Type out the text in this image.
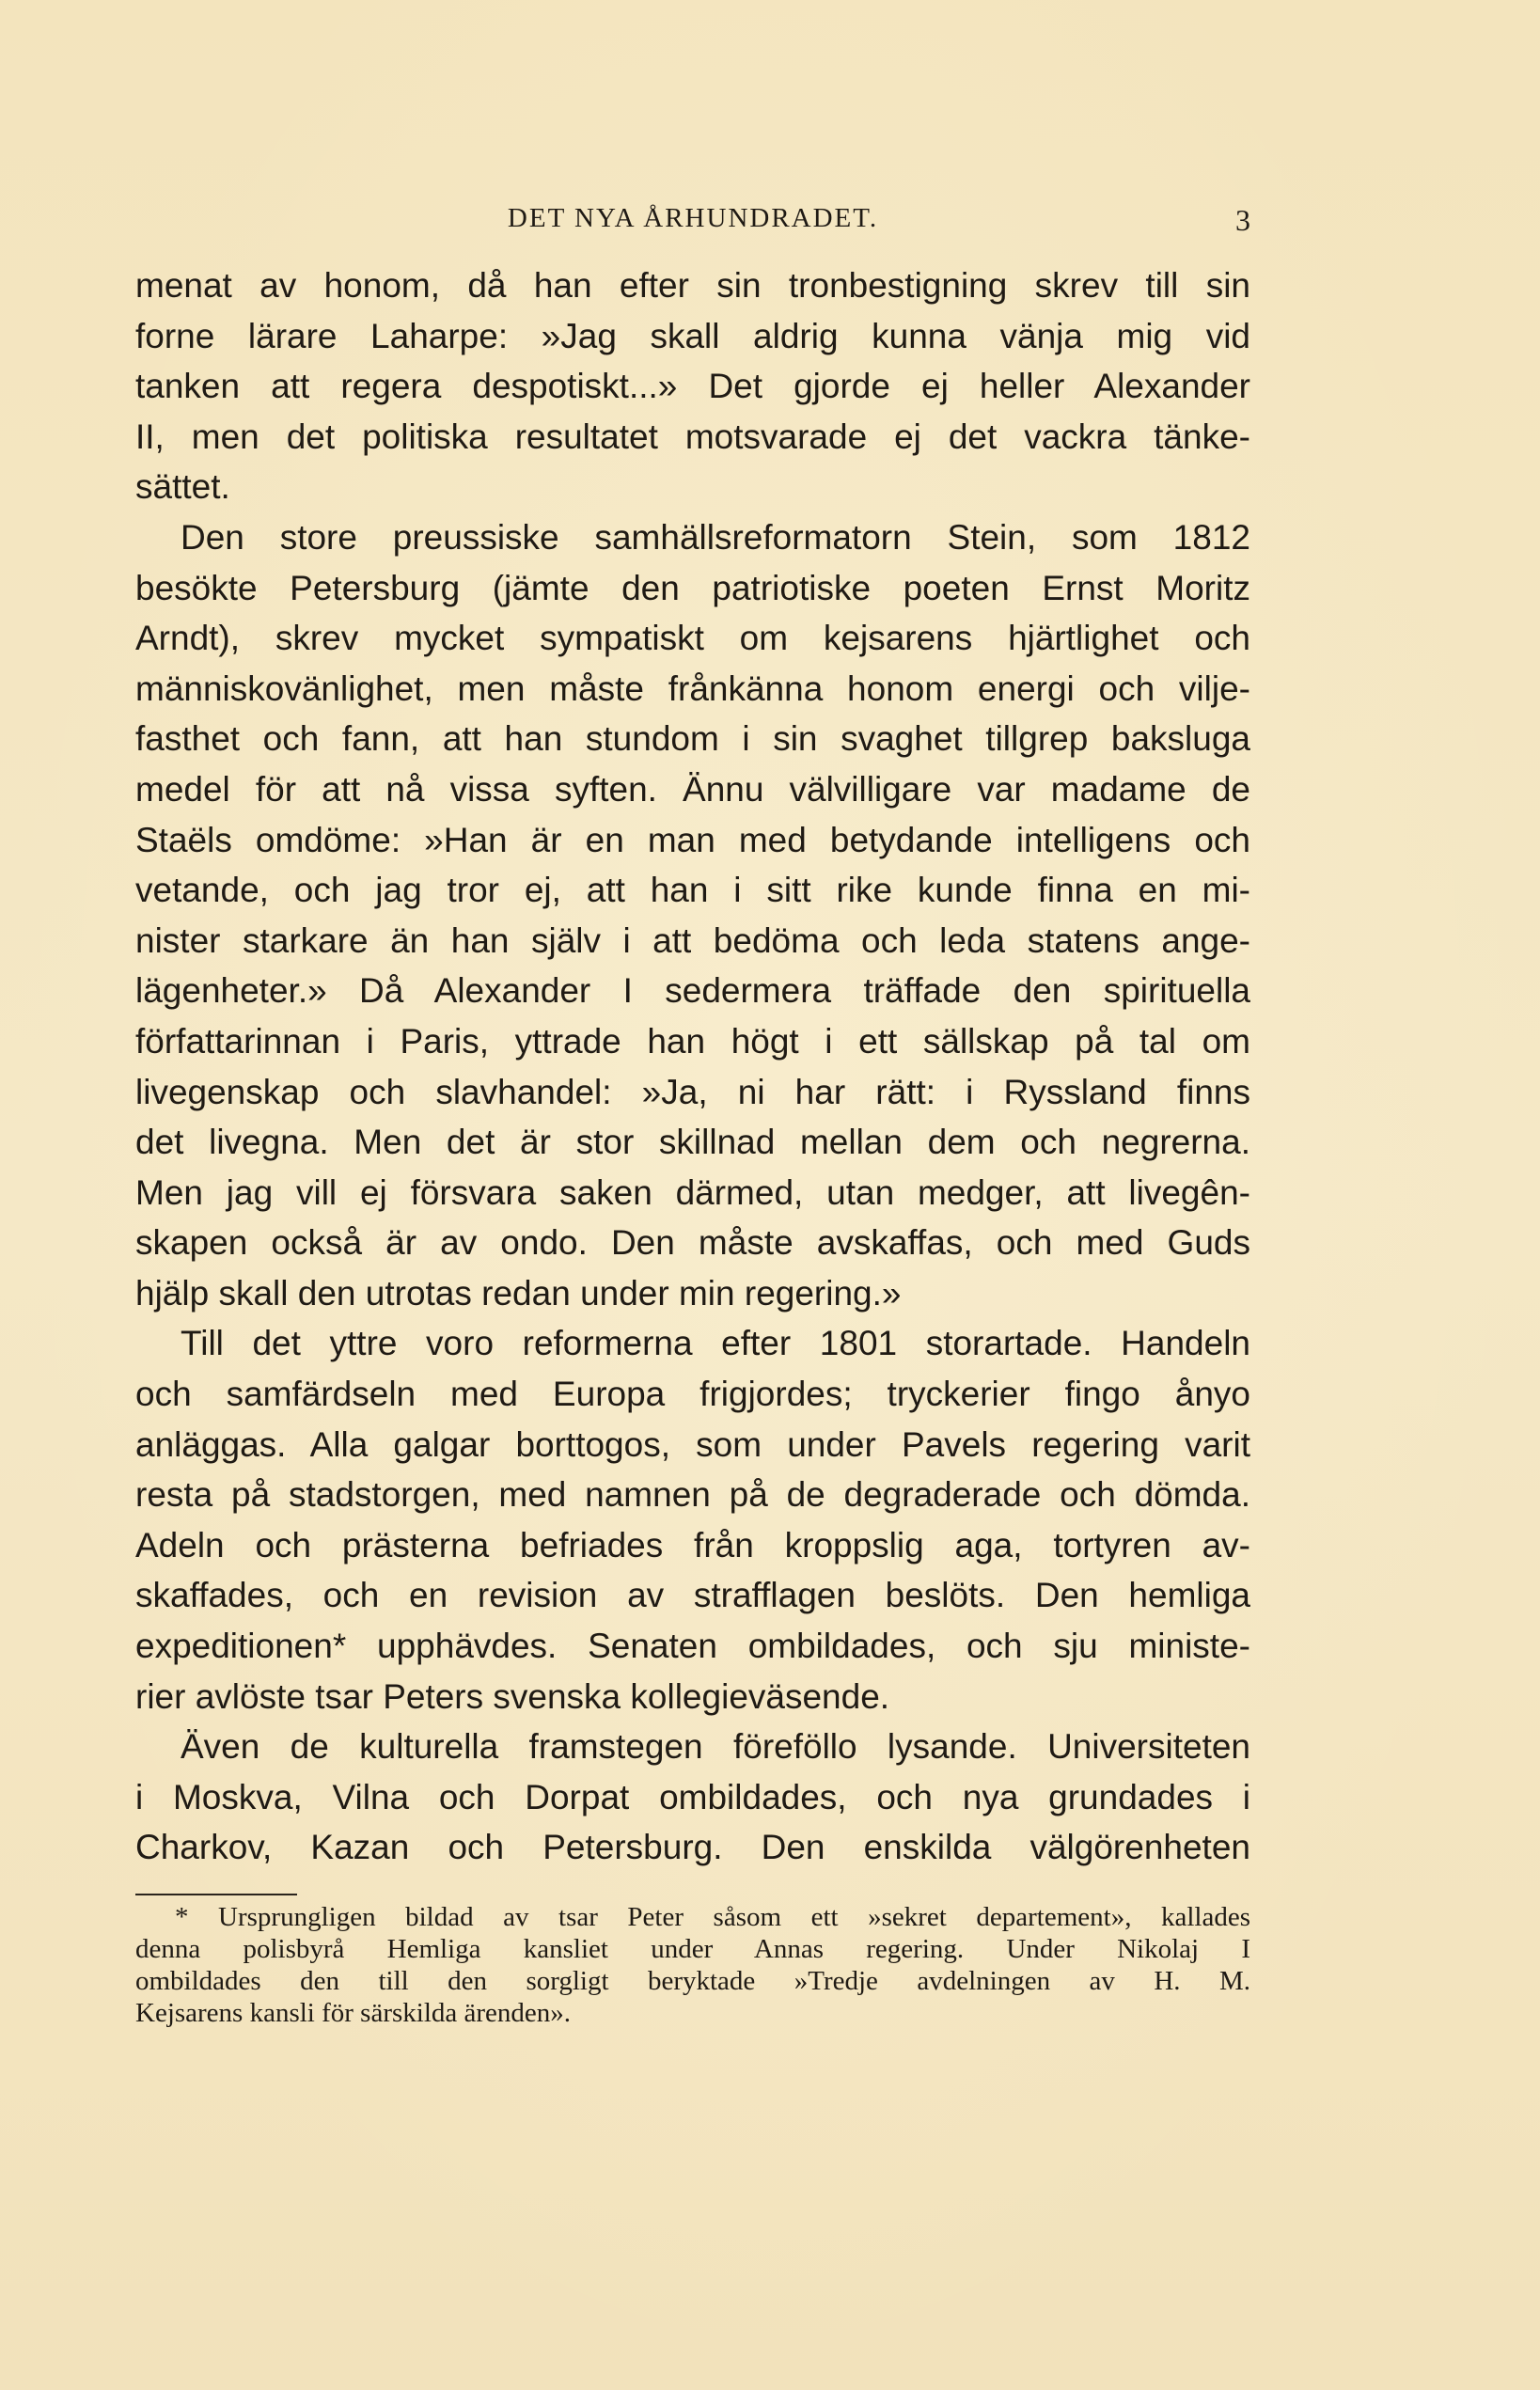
DET NYA ÅRHUNDRADET.	3
menat av honom, då han efter sin tronbestigning skrev till sin
forne lärare Laharpe: »Jag skall aldrig kunna vänja mig vid
tanken att regera despotiskt...» Det gjorde ej heller Alexander
II, men det politiska resultatet motsvarade ej det vackra tänke-
sättet.
Den store preussiske samhällsreformatorn Stein, som 1812
besökte Petersburg (jämte den patriotiske poeten Ernst Moritz
Arndt), skrev mycket sympatiskt om kejsarens hjärtlighet och
människovänlighet, men måste frånkänna honom energi och vilje-
fasthet och fann, att han stundom i sin svaghet tillgrep baksluga
medel för att nå vissa syften. Ännu välvilligare var madame de
Staëls omdöme: »Han är en man med betydande intelligens och
vetande, och jag tror ej, att han i sitt rike kunde finna en mi-
nister starkare än han själv i att bedöma och leda statens ange-
lägenheter.» Då Alexander I sedermera träffade den spirituella
författarinnan i Paris, yttrade han högt i ett sällskap på tal om
livegenskap och slavhandel: »Ja, ni har rätt: i Ryssland finns
det livegna. Men det är stor skillnad mellan dem och negrerna.
Men jag vill ej försvara saken därmed, utan medger, att livegên-
skapen också är av ondo. Den måste avskaffas, och med Guds
hjälp skall den utrotas redan under min regering.»
Till det yttre voro reformerna efter 1801 storartade. Handeln
och samfärdseln med Europa frigjordes; tryckerier fingo ånyo
anläggas. Alla galgar borttogos, som under Pavels regering varit
resta på stadstorgen, med namnen på de degraderade och dömda.
Adeln och prästerna befriades från kroppslig aga, tortyren av-
skaffades, och en revision av strafflagen beslöts. Den hemliga
expeditionen* upphävdes. Senaten ombildades, och sju ministe-
rier avlöste tsar Peters svenska kollegieväsende.
Även de kulturella framstegen föreföllo lysande. Universiteten
i Moskva, Vilna och Dorpat ombildades, och nya grundades i
Charkov, Kazan och Petersburg. Den enskilda välgörenheten
* Ursprungligen bildad av tsar Peter såsom ett »sekret departement», kallades
denna polisbyrå Hemliga kansliet under Annas regering. Under Nikolaj I
ombildades den till den sorgligt beryktade »Tredje avdelningen av H. M.
Kejsarens kansli för särskilda ärenden».
